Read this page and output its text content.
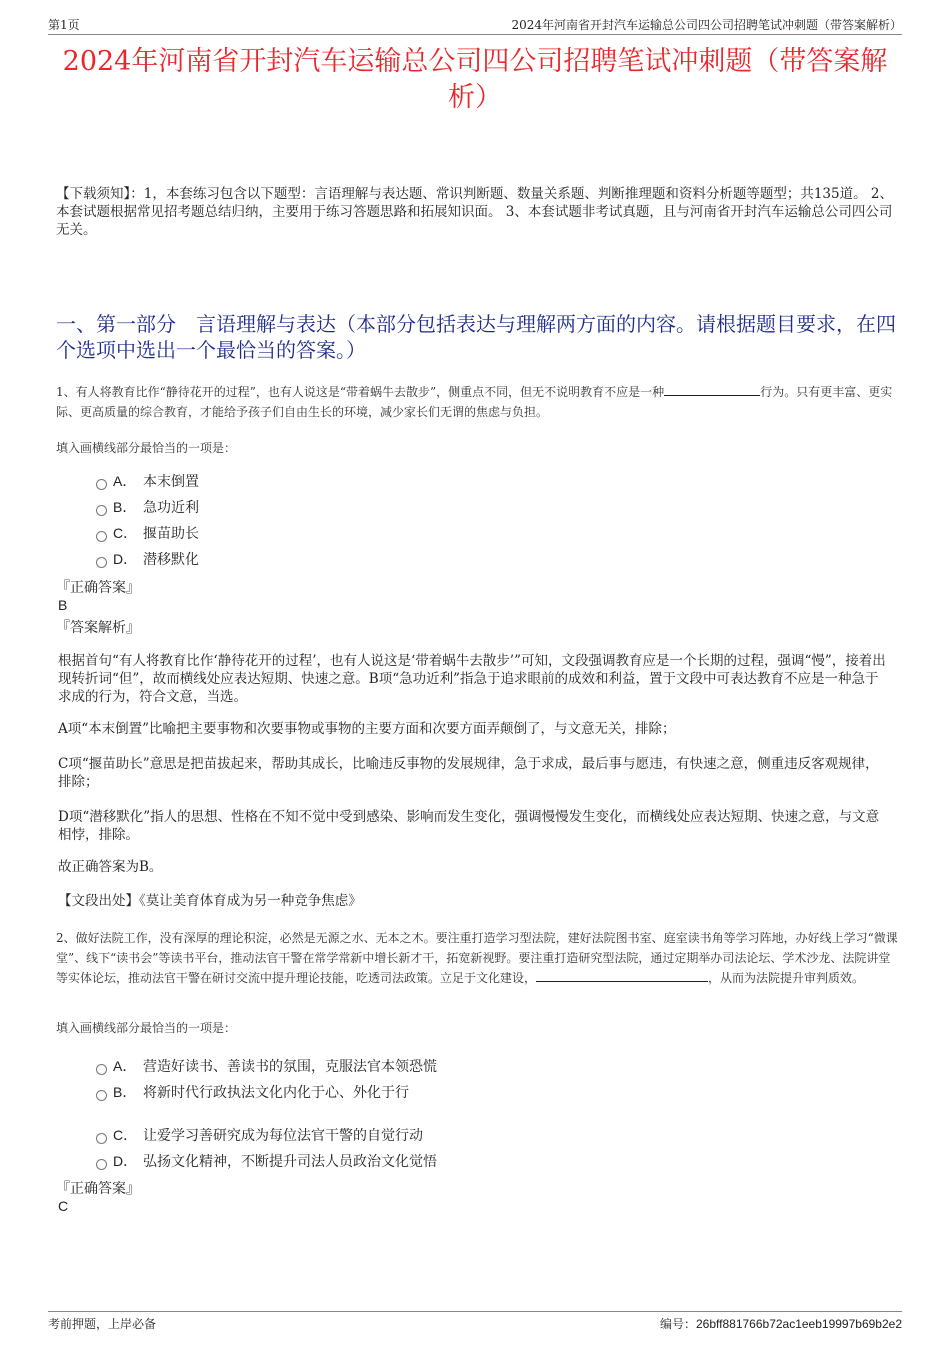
第1页	2024年河南省开封汽车运输总公司四公司招聘笔试冲刺题（带答案解析）
2024年河南省开封汽车运输总公司四公司招聘笔试冲刺题（带答案解析）
【下载须知】：1，本套练习包含以下题型：言语理解与表达题、常识判断题、数量关系题、判断推理题和资料分析题等题型；共135道。 2、本套试题根据常见招考题总结归纳，主要用于练习答题思路和拓展知识面。 3、本套试题非考试真题，且与河南省开封汽车运输总公司四公司无关。
一、第一部分　言语理解与表达（本部分包括表达与理解两方面的内容。请根据题目要求，在四个选项中选出一个最恰当的答案。）
1、有人将教育比作“静待花开的过程”，也有人说这是“带着蜗牛去散步”，侧重点不同，但无不说明教育不应是一种	行为。只有更丰富、更实际、更高质量的综合教育，才能给予孩子们自由生长的环境，减少家长们无谓的焦虑与负担。
填入画横线部分最恰当的一项是：
A． 本末倒置
B． 急功近利
C． 揠苗助长
D． 潜移默化
『正确答案』
B
『答案解析』
根据首句“有人将教育比作‘静待花开的过程’，也有人说这是‘带着蜗牛去散步’”可知，文段强调教育应是一个长期的过程，强调“慢”，接着出现转折词“但”，故而横线处应表达短期、快速之意。B项“急功近利”指急于追求眼前的成效和利益，置于文段中可表达教育不应是一种急于求成的行为，符合文意，当选。
A项“本末倒置”比喻把主要事物和次要事物或事物的主要方面和次要方面弄颠倒了，与文意无关，排除；
C项“揠苗助长”意思是把苗拔起来，帮助其成长，比喻违反事物的发展规律，急于求成，最后事与愿违，有快速之意，侧重违反客观规律，排除；
D项“潜移默化”指人的思想、性格在不知不觉中受到感染、影响而发生变化，强调慢慢发生变化，而横线处应表达短期、快速之意，与文意相悖，排除。
故正确答案为B。
【文段出处】《莫让美育体育成为另一种竞争焦虑》
2、做好法院工作，没有深厚的理论积淀，必然是无源之水、无本之木。要注重打造学习型法院，建好法院图书室、庭室读书角等学习阵地，办好线上学习“微课堂”、线下“读书会”等读书平台，推动法官干警在常学常新中增长新才干，拓宽新视野。要注重打造研究型法院，通过定期举办司法论坛、学术沙龙、法院讲堂等实体论坛，推动法官干警在研讨交流中提升理论技能，吃透司法政策。立足于文化建设，	，从而为法院提升审判质效。
填入画横线部分最恰当的一项是：
A． 营造好读书、善读书的氛围，克服法官本领恐慌
B． 将新时代行政执法文化内化于心、外化于行
C． 让爱学习善研究成为每位法官干警的自觉行动
D． 弘扬文化精神，不断提升司法人员政治文化觉悟
『正确答案』
C
考前押题，上岸必备	编号：26bff881766b72ac1eeb19997b69b2e2
